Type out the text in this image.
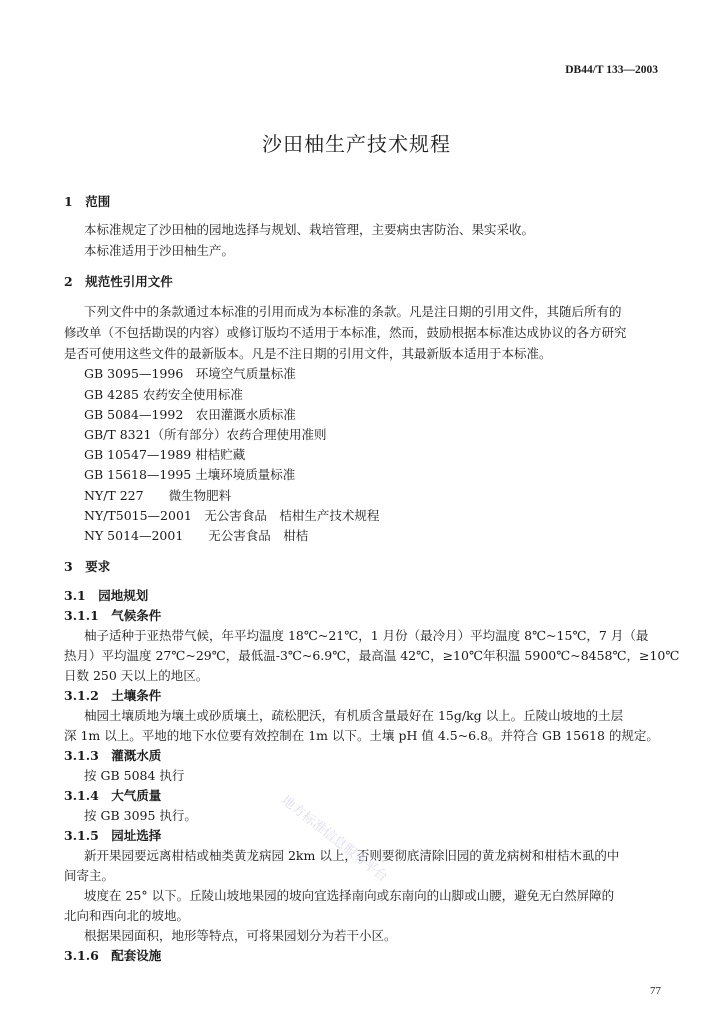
DB44/T 133—2003
沙田柚生产技术规程
1　范围
本标准规定了沙田柚的园地选择与规划、栽培管理，主要病虫害防治、果实采收。
本标准适用于沙田柚生产。
2　规范性引用文件
下列文件中的条款通过本标准的引用而成为本标准的条款。凡是注日期的引用文件，其随后所有的
修改单（不包括勘误的内容）或修订版均不适用于本标准，然而，鼓励根据本标准达成协议的各方研究
是否可使用这些文件的最新版本。凡是不注日期的引用文件，其最新版本适用于本标准。
GB 3095—1996　环境空气质量标准
GB 4285 农药安全使用标准
GB 5084—1992　农田灌溉水质标准
GB/T 8321（所有部分）农药合理使用准则
GB 10547—1989 柑桔贮藏
GB 15618—1995 土壤环境质量标准
NY/T 227　　微生物肥料
NY/T5015—2001　无公害食品　桔柑生产技术规程
NY 5014—2001　　无公害食品　柑桔
3　要求
3.1　园地规划
3.1.1　气候条件
柚子适种于亚热带气候，年平均温度 18℃~21℃，1 月份（最冷月）平均温度 8℃~15℃，7 月（最
热月）平均温度 27℃~29℃，最低温-3℃~6.9℃，最高温 42℃，≥10℃年积温 5900℃~8458℃，≥10℃
日数 250 天以上的地区。
3.1.2　土壤条件
柚园土壤质地为壤土或砂质壤土，疏松肥沃，有机质含量最好在 15g/kg 以上。丘陵山坡地的土层
深 1m 以上。平地的地下水位要有效控制在 1m 以下。土壤 pH 值 4.5~6.8。并符合 GB 15618 的规定。
3.1.3　灌溉水质
按 GB 5084 执行
3.1.4　大气质量
按 GB 3095 执行。
3.1.5　园址选择
新开果园要远离柑桔或柚类黄龙病园 2km 以上，否则要彻底清除旧园的黄龙病树和柑桔木虱的中
间寄主。
坡度在 25° 以下。丘陵山坡地果园的坡向宜选择南向或东南向的山脚或山腰，避免无白然屏障的
北向和西向北的坡地。
根据果园面积，地形等特点，可将果园划分为若干小区。
3.1.6　配套设施
地方标准信息服务平台
77
